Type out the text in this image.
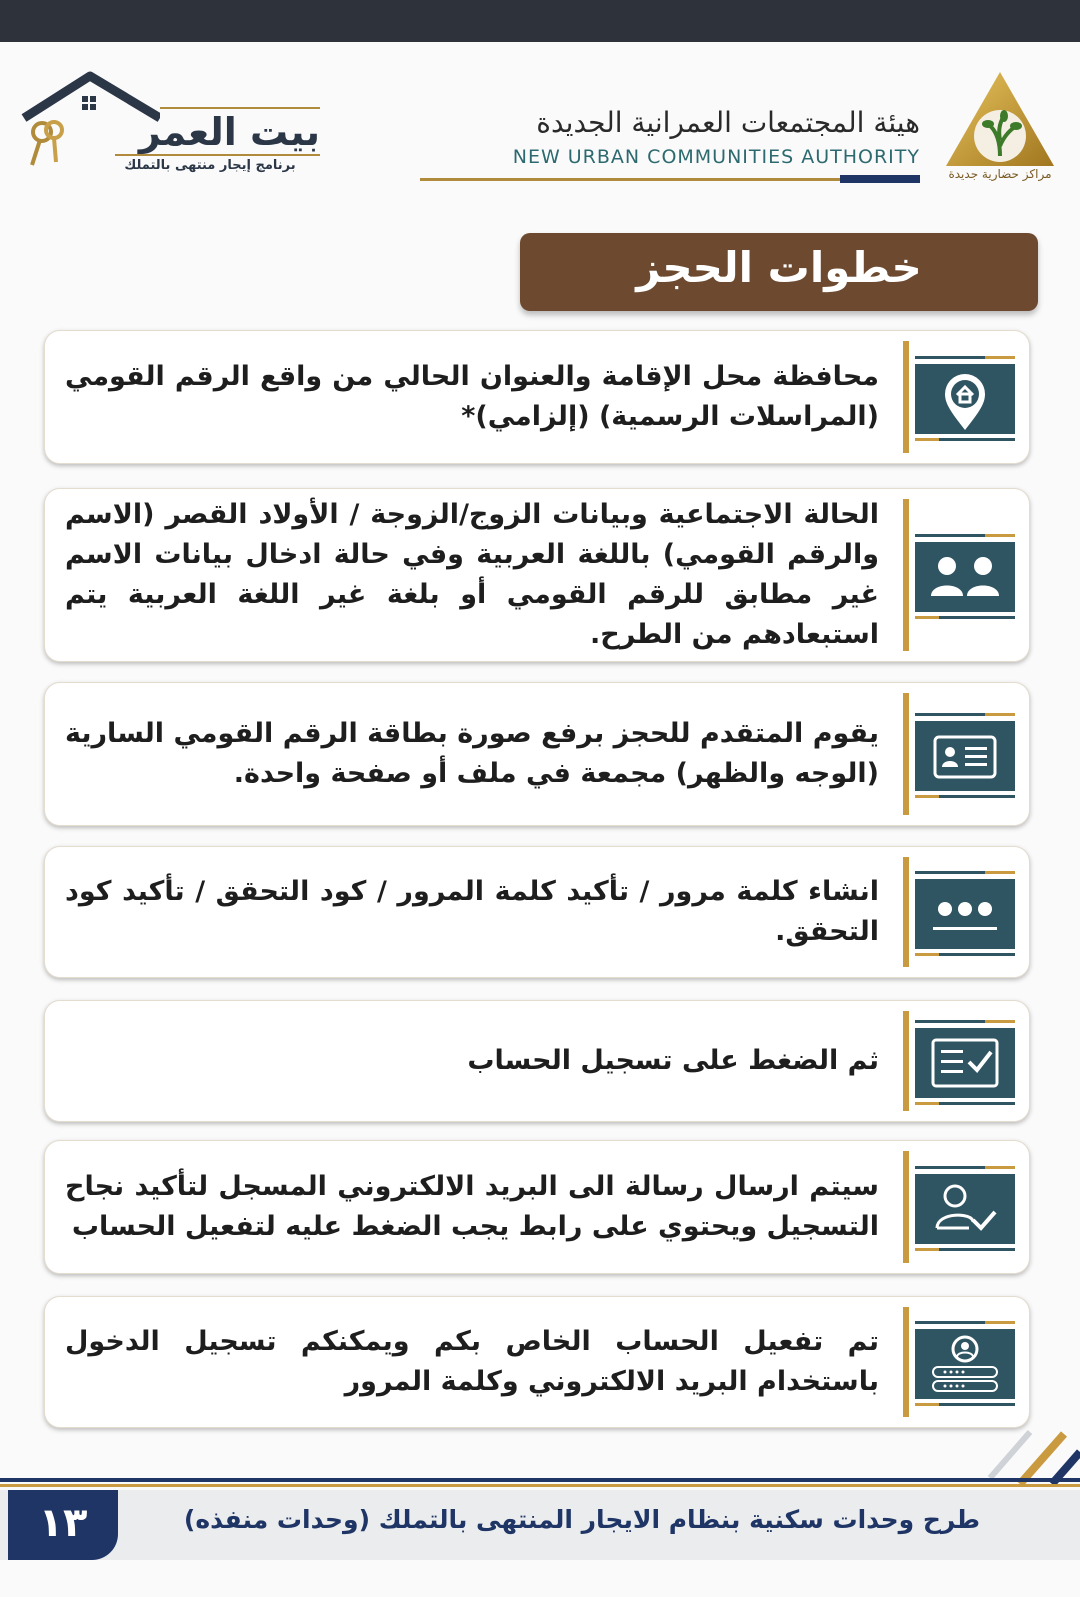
بيت العمر
برنامج إيجار منتهى بالتملك
هيئة المجتمعات العمرانية الجديدة
NEW URBAN COMMUNITIES AUTHORITY
مراكز حضارية جديدة
خطوات الحجز
محافظة محل الإقامة والعنوان الحالي من واقع الرقم القومي (المراسلات الرسمية) (إلزامي)*
الحالة الاجتماعية وبيانات الزوج/الزوجة / الأولاد القصر (الاسم والرقم القومي) باللغة العربية وفي حالة ادخال بيانات الاسم غير مطابق للرقم القومي أو بلغة غير اللغة العربية يتم استبعادهم من الطرح.
يقوم المتقدم للحجز برفع صورة بطاقة الرقم القومي السارية (الوجه والظهر) مجمعة في ملف أو صفحة واحدة.
انشاء كلمة مرور / تأكيد كلمة المرور / كود التحقق / تأكيد كود التحقق.
ثم الضغط على تسجيل الحساب
سيتم ارسال رسالة الى البريد الالكتروني المسجل لتأكيد نجاح التسجيل ويحتوي على رابط يجب الضغط عليه لتفعيل الحساب
تم تفعيل الحساب الخاص بكم ويمكنكم تسجيل الدخول باستخدام البريد الالكتروني وكلمة المرور
١٣	طرح وحدات سكنية بنظام الايجار المنتهى بالتملك (وحدات منفذه)
